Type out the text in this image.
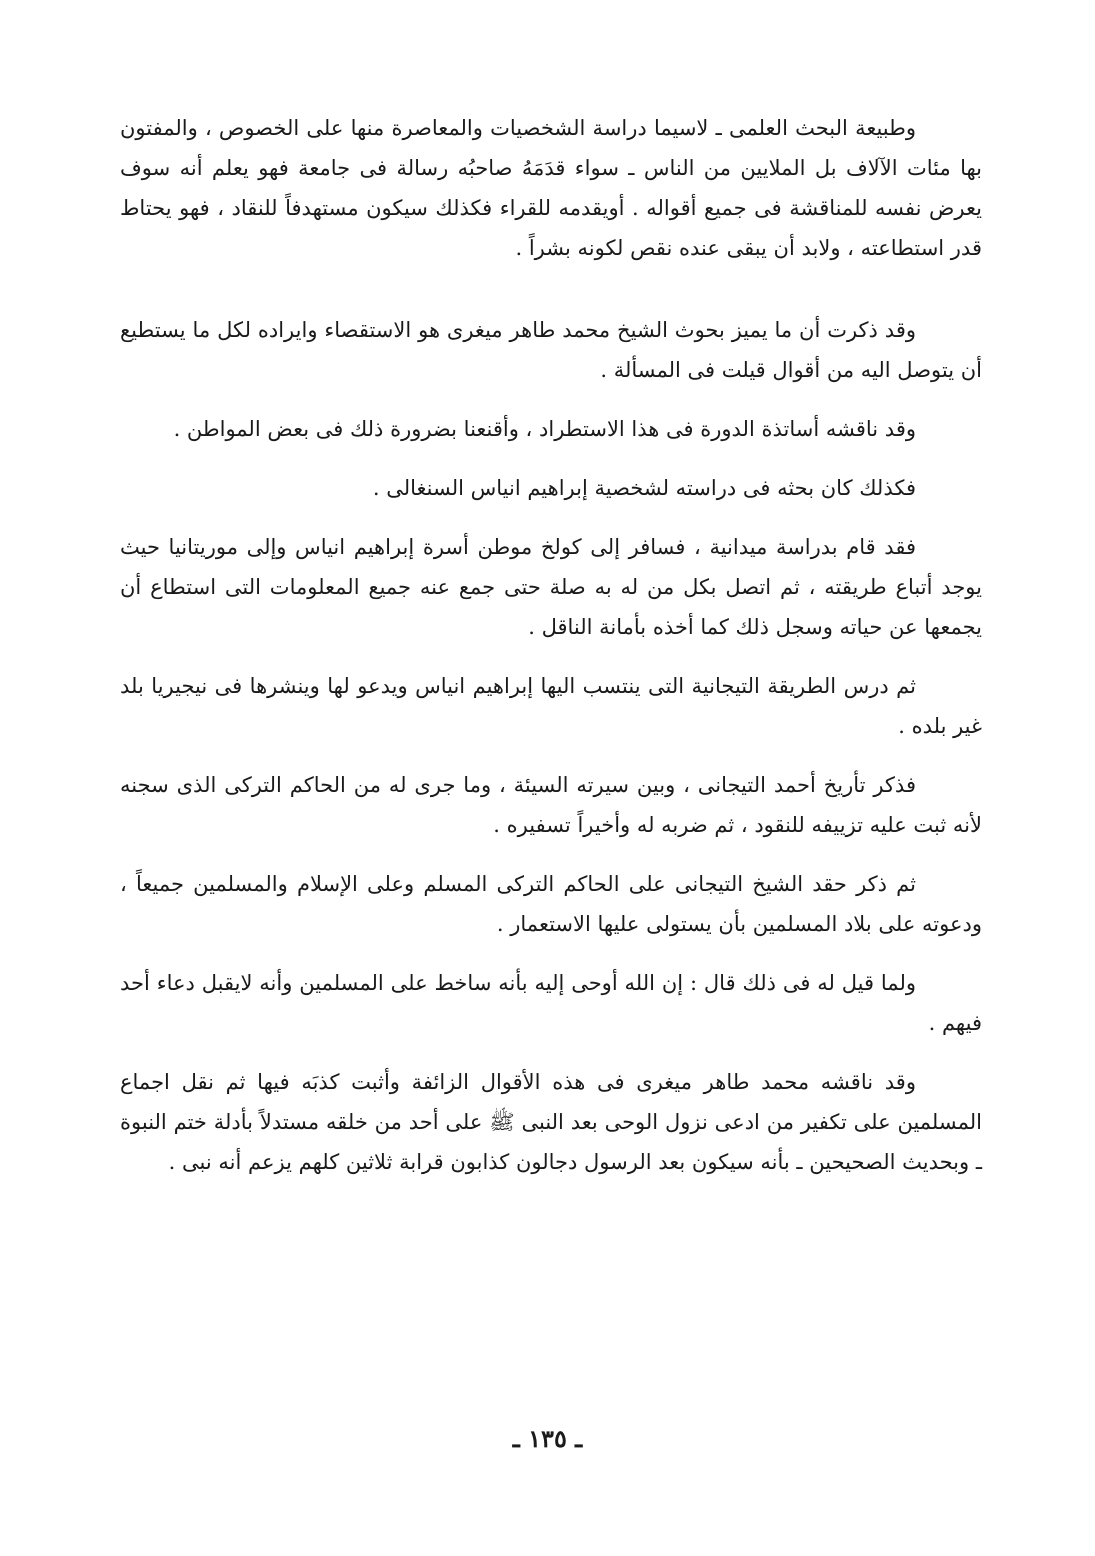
وطبيعة البحث العلمى ـ لاسيما دراسة الشخصيات والمعاصرة منها على الخصوص ، والمفتون بها مئات الآلاف بل الملايين من الناس ـ سواء قدَمَهُ صاحبُه رسالة فى جامعة فهو يعلم أنه سوف يعرض نفسه للمناقشة فى جميع أقواله . أويقدمه للقراء فكذلك سيكون مستهدفاً للنقاد ، فهو يحتاط قدر استطاعته ، ولابد أن يبقى عنده نقص لكونه بشراً .

وقد ذكرت أن ما يميز بحوث الشيخ محمد طاهر ميغرى هو الاستقصاء وايراده لكل ما يستطيع أن يتوصل اليه من أقوال قيلت فى المسألة .

وقد ناقشه أساتذة الدورة فى هذا الاستطراد ، وأقنعنا بضرورة ذلك فى بعض المواطن .

فكذلك كان بحثه فى دراسته لشخصية إبراهيم انياس السنغالى .

فقد قام بدراسة ميدانية ، فسافر إلى كولخ موطن أسرة إبراهيم انياس وإلى موريتانيا حيث يوجد أتباع طريقته ، ثم اتصل بكل من له به صلة حتى جمع عنه جميع المعلومات التى استطاع أن يجمعها عن حياته وسجل ذلك كما أخذه بأمانة الناقل .

ثم درس الطريقة التيجانية التى ينتسب اليها إبراهيم انياس ويدعو لها وينشرها فى نيجيريا بلد غير بلده .

فذكر تأريخ أحمد التيجانى ، وبين سيرته السيئة ، وما جرى له من الحاكم التركى الذى سجنه لأنه ثبت عليه تزييفه للنقود ، ثم ضربه له وأخيراً تسفيره .

ثم ذكر حقد الشيخ التيجانى على الحاكم التركى المسلم وعلى الإسلام والمسلمين جميعاً ، ودعوته على بلاد المسلمين بأن يستولى عليها الاستعمار .

ولما قيل له فى ذلك قال : إن الله أوحى إليه بأنه ساخط على المسلمين وأنه لايقبل دعاء أحد فيهم .

وقد ناقشه محمد طاهر ميغرى فى هذه الأقوال الزائفة وأثبت كذبَه فيها ثم نقل اجماع المسلمين على تكفير من ادعى نزول الوحى بعد النبى ﷺ على أحد من خلقه مستدلاً بأدلة ختم النبوة ـ وبحديث الصحيحين ـ بأنه سيكون بعد الرسول دجالون كذابون قرابة ثلاثين كلهم يزعم أنه نبى .

ـ ١٣٥ ـ
